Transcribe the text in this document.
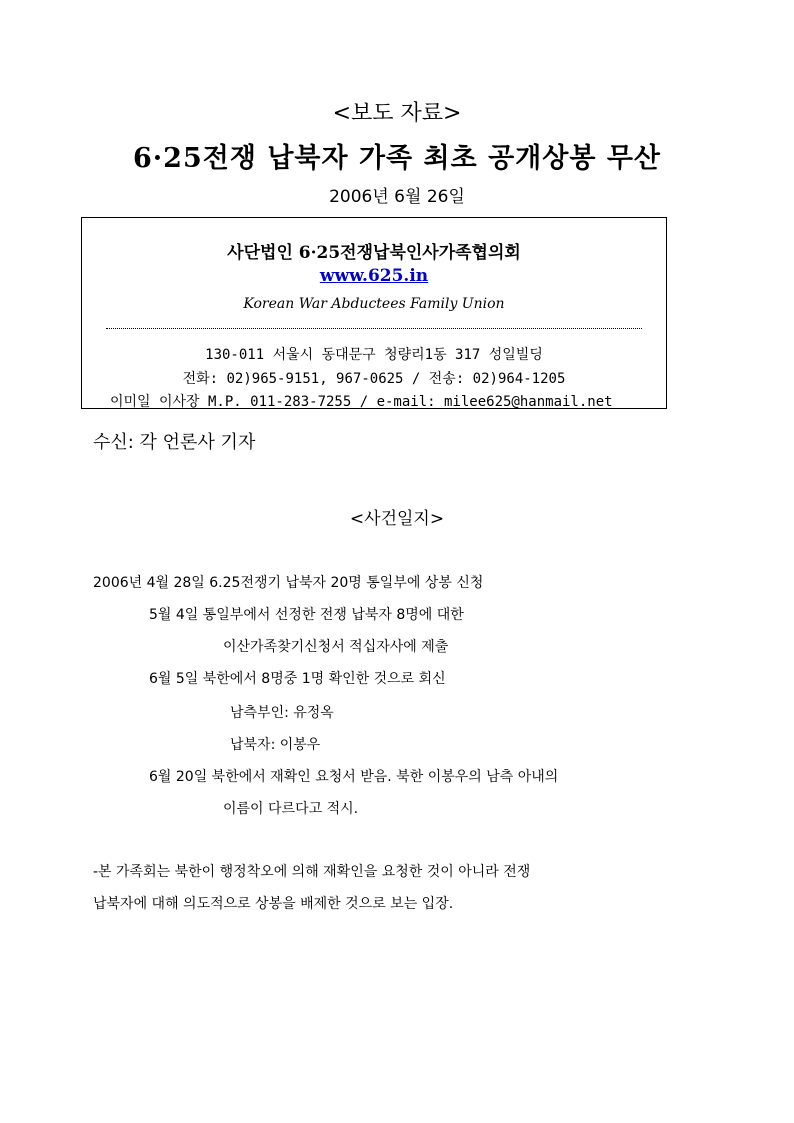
<보도 자료>
6·25전쟁 납북자 가족 최초 공개상봉 무산
2006년 6월 26일
사단법인 6·25전쟁납북인사가족협의회
www.625.in
Korean War Abductees Family Union
130-011 서울시 동대문구 청량리1동 317 성일빌딩
전화: 02)965-9151, 967-0625 / 전송: 02)964-1205
이미일 이사장 M.P. 011-283-7255 / e-mail: milee625@hanmail.net
수신: 각 언론사 기자
<사건일지>
2006년 4월 28일 6.25전쟁기 납북자 20명 통일부에 상봉 신청
5월 4일 통일부에서 선정한 전쟁 납북자 8명에 대한
이산가족찾기신청서 적십자사에 제출
6월 5일 북한에서 8명중 1명 확인한 것으로 회신
남측부인: 유정옥
납북자: 이봉우
6월 20일 북한에서 재확인 요청서 받음. 북한 이봉우의 남측 아내의
이름이 다르다고 적시.
-본 가족회는 북한이 행정착오에 의해 재확인을 요청한 것이 아니라 전쟁
납북자에 대해 의도적으로 상봉을 배제한 것으로 보는 입장.
